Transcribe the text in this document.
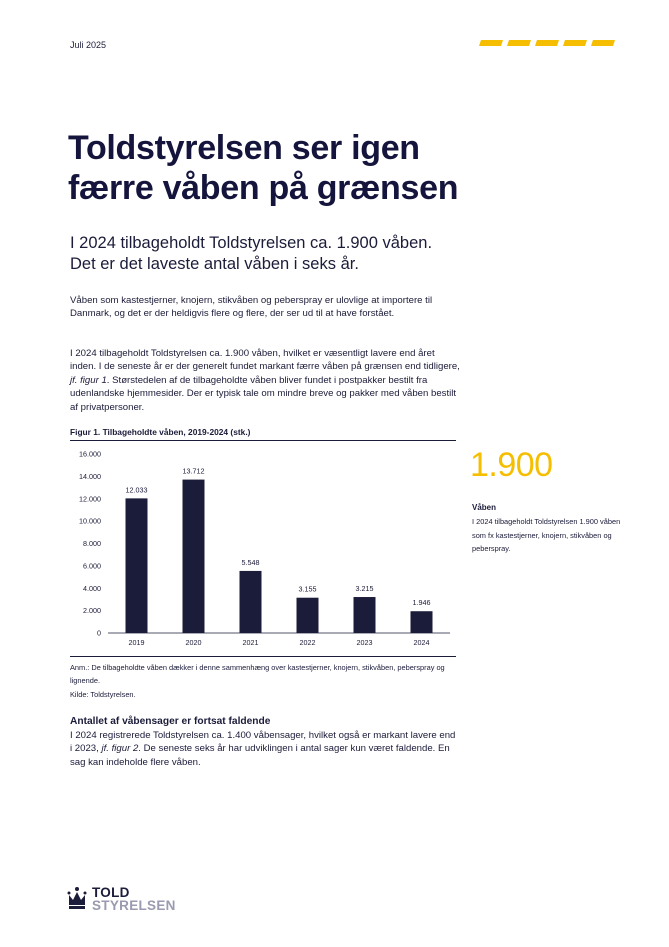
Juli 2025
Toldstyrelsen ser igen
færre våben på grænsen
I 2024 tilbageholdt Toldstyrelsen ca. 1.900 våben.
Det er det laveste antal våben i seks år.

Våben som kastestjerner, knojern, stikvåben og peberspray er ulovlige at importere til Danmark, og det er der heldigvis flere og flere, der ser ud til at have forstået.

I 2024 tilbageholdt Toldstyrelsen ca. 1.900 våben, hvilket er væsentligt lavere end året inden. I de seneste år er der generelt fundet markant færre våben på grænsen end tidligere, jf. figur 1. Størstedelen af de tilbageholdte våben bliver fundet i postpakker bestilt fra udenlandske hjemmesider. Der er typisk tale om mindre breve og pakker med våben bestilt af privatpersoner.

Figur 1. Tilbageholdte våben, 2019-2024 (stk.)
0
2.000
4.000
6.000
8.000
10.000
12.000
14.000
16.000
12.033
2019
13.712
2020
5.548
2021
3.155
2022
3.215
2023
1.946
2024
Anm.: De tilbageholdte våben dækker i denne sammenhæng over kastestjerner, knojern, stikvåben, peberspray og lignende.
Kilde: Toldstyrelsen.
Antallet af våbensager er fortsat faldende

I 2024 registrerede Toldstyrelsen ca. 1.400 våbensager, hvilket også er markant lavere end i 2023, jf. figur 2. De seneste seks år har udviklingen i antal sager kun været faldende. En sag kan indeholde flere våben.

1.900
Våben
I 2024 tilbageholdt Toldstyrelsen 1.900 våben som fx kastestjerner, knojern, stikvåben og peberspray.
TOLD
STYRELSEN
